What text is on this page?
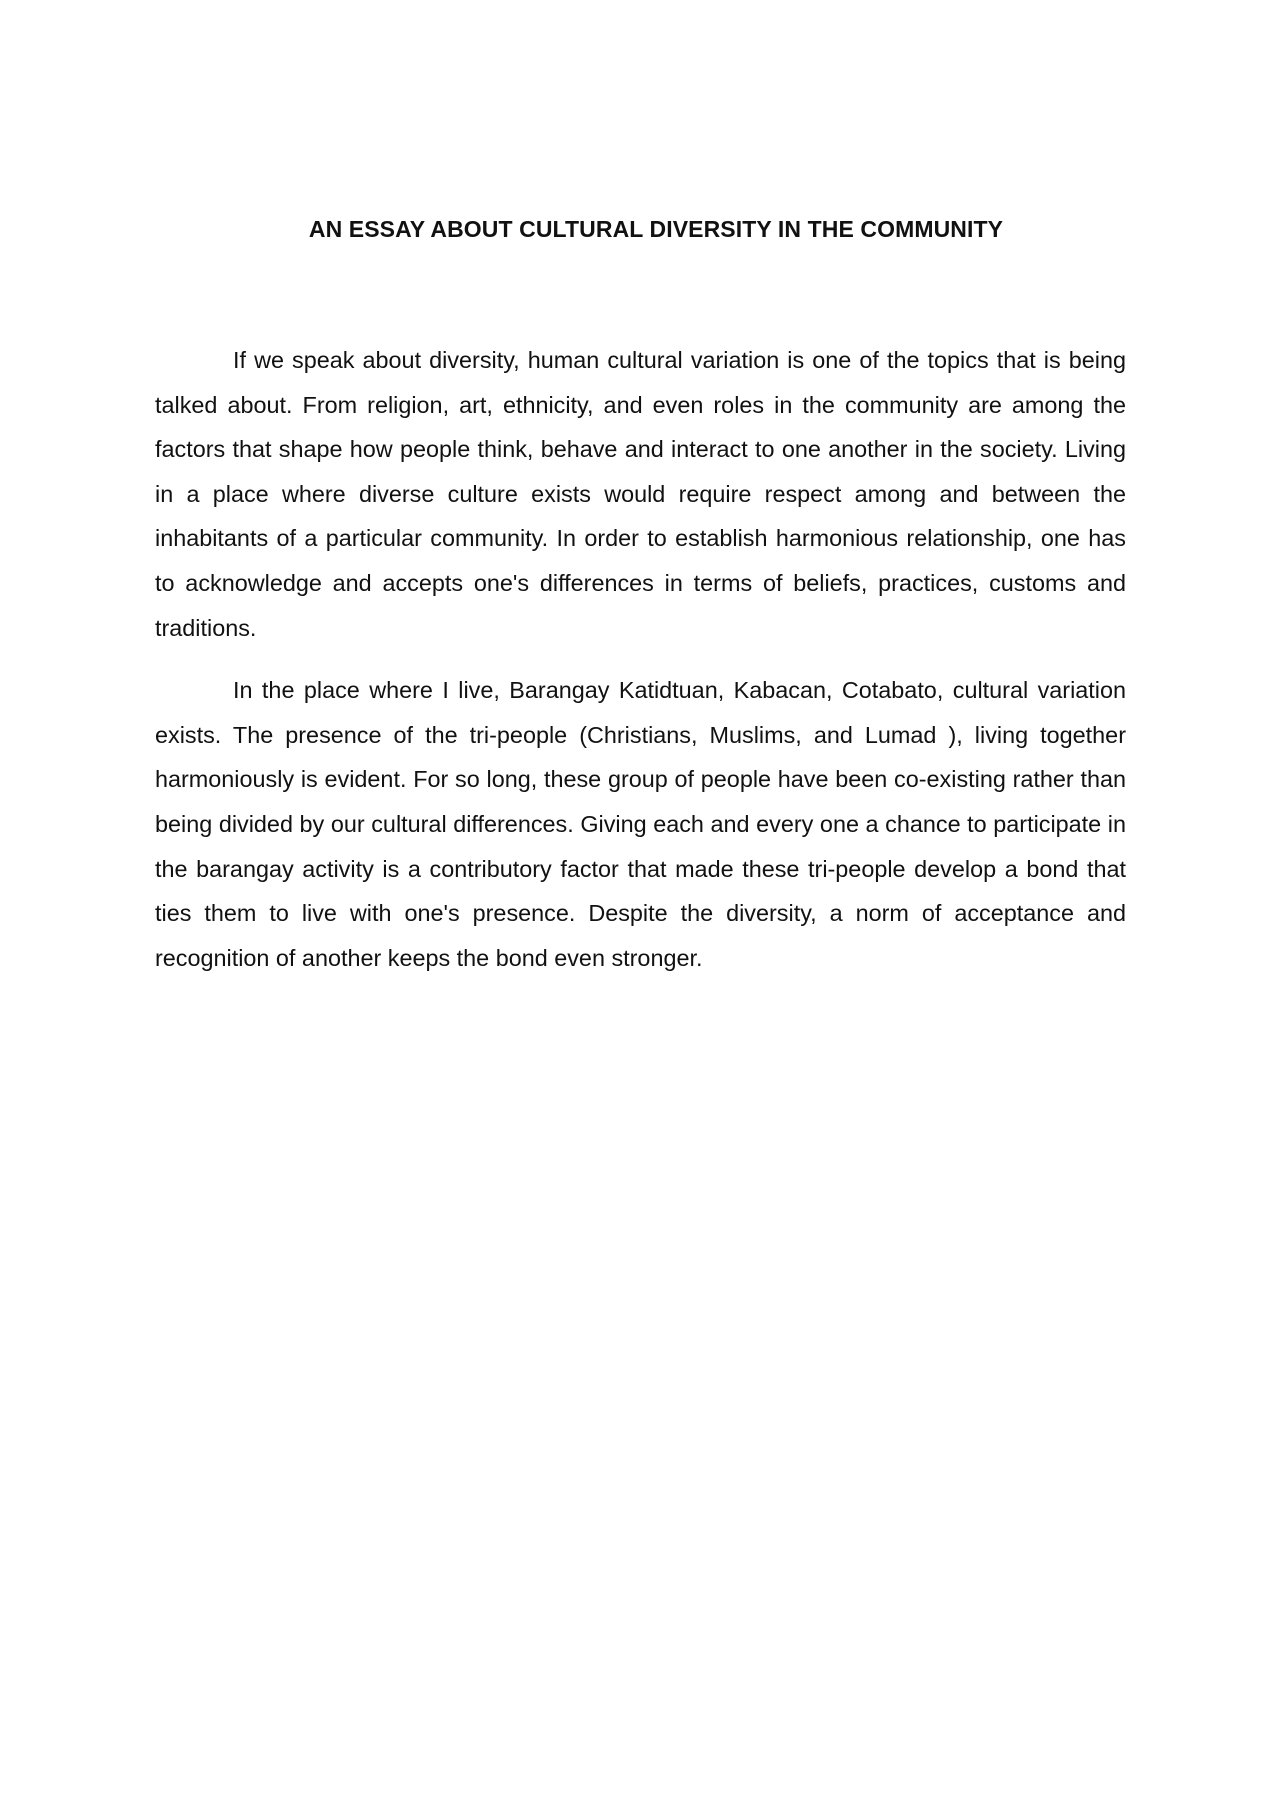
AN ESSAY ABOUT CULTURAL DIVERSITY IN THE COMMUNITY

If we speak about diversity, human cultural variation is one of the topics that is being talked about. From religion, art, ethnicity, and even roles in the community are among the factors that shape how people think, behave and interact to one another in the society. Living in a place where diverse culture exists would require respect among and between the inhabitants of a particular community. In order to establish harmonious relationship, one has to acknowledge and accepts one's differences in terms of beliefs, practices, customs and traditions.

In the place where I live, Barangay Katidtuan, Kabacan, Cotabato, cultural variation exists. The presence of the tri-people (Christians, Muslims, and Lumad ), living together harmoniously is evident. For so long, these group of people have been co-existing rather than being divided by our cultural differences. Giving each and every one a chance to participate in the barangay activity is a contributory factor that made these tri-people develop a bond that ties them to live with one's presence. Despite the diversity, a norm of acceptance and recognition of another keeps the bond even stronger.
